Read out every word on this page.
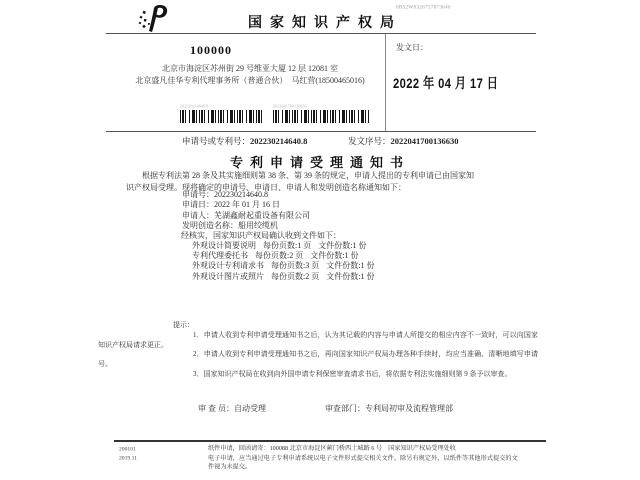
国家知识产权局
6B52W8326757873646
100000
北京市海淀区苏州街 29 号维亚大厦 12 层 12081 室
北京盛凡佳华专利代理事务所（普通合伙）　马红营(18500465016)
202230214640.8	2022041700136630
发文日：
2022 年 04 月 17 日
申请号或专利号：202230214640.8	发文序号：2022041700136630
专利申请受理通知书
根据专利法第 28 条及其实施细则第 38 条、第 39 条的规定，申请人提出的专利申请已由国家知识产权局受理。现将确定的申请号、申请日、申请人和发明创造名称通知如下：
申请号：202230214640.8
申请日：2022 年 01 月 16 日
申请人：芜湖鑫耐起重设备有限公司
发明创造名称：船用绞缆机
经核实，国家知识产权局确认收到文件如下：
外观设计简要说明 每份页数:1 页 文件份数:1 份
专利代理委托书 每份页数:2 页 文件份数:1 份
外观设计专利请求书 每份页数:3 页 文件份数:1 份
外观设计图片或照片 每份页数:2 页 文件份数:1 份
提示：

1．申请人收到专利申请受理通知书之后，认为其记载的内容与申请人所提交的相应内容不一致时，可以向国家知识产权局请求更正。

2．申请人收到专利申请受理通知书之后，再向国家知识产权局办理各种手续时，均应当准确、清晰地填写申请号。

3．国家知识产权局在收到向外国申请专利保密审查请求书后，将依据专利法实施细则第 9 条予以审查。

审 查 员：自动受理	审查部门：专利局初审及流程管理部
200101
2019.11

纸件申请，回函请寄：100088 北京市海淀区蓟门桥西土城路 6 号　国家知识产权局受理处收

电子申请，应当通过电子专利申请系统以电子文件形式提交相关文件。除另有规定外，以纸件等其他形式提交的文件视为未提交。
